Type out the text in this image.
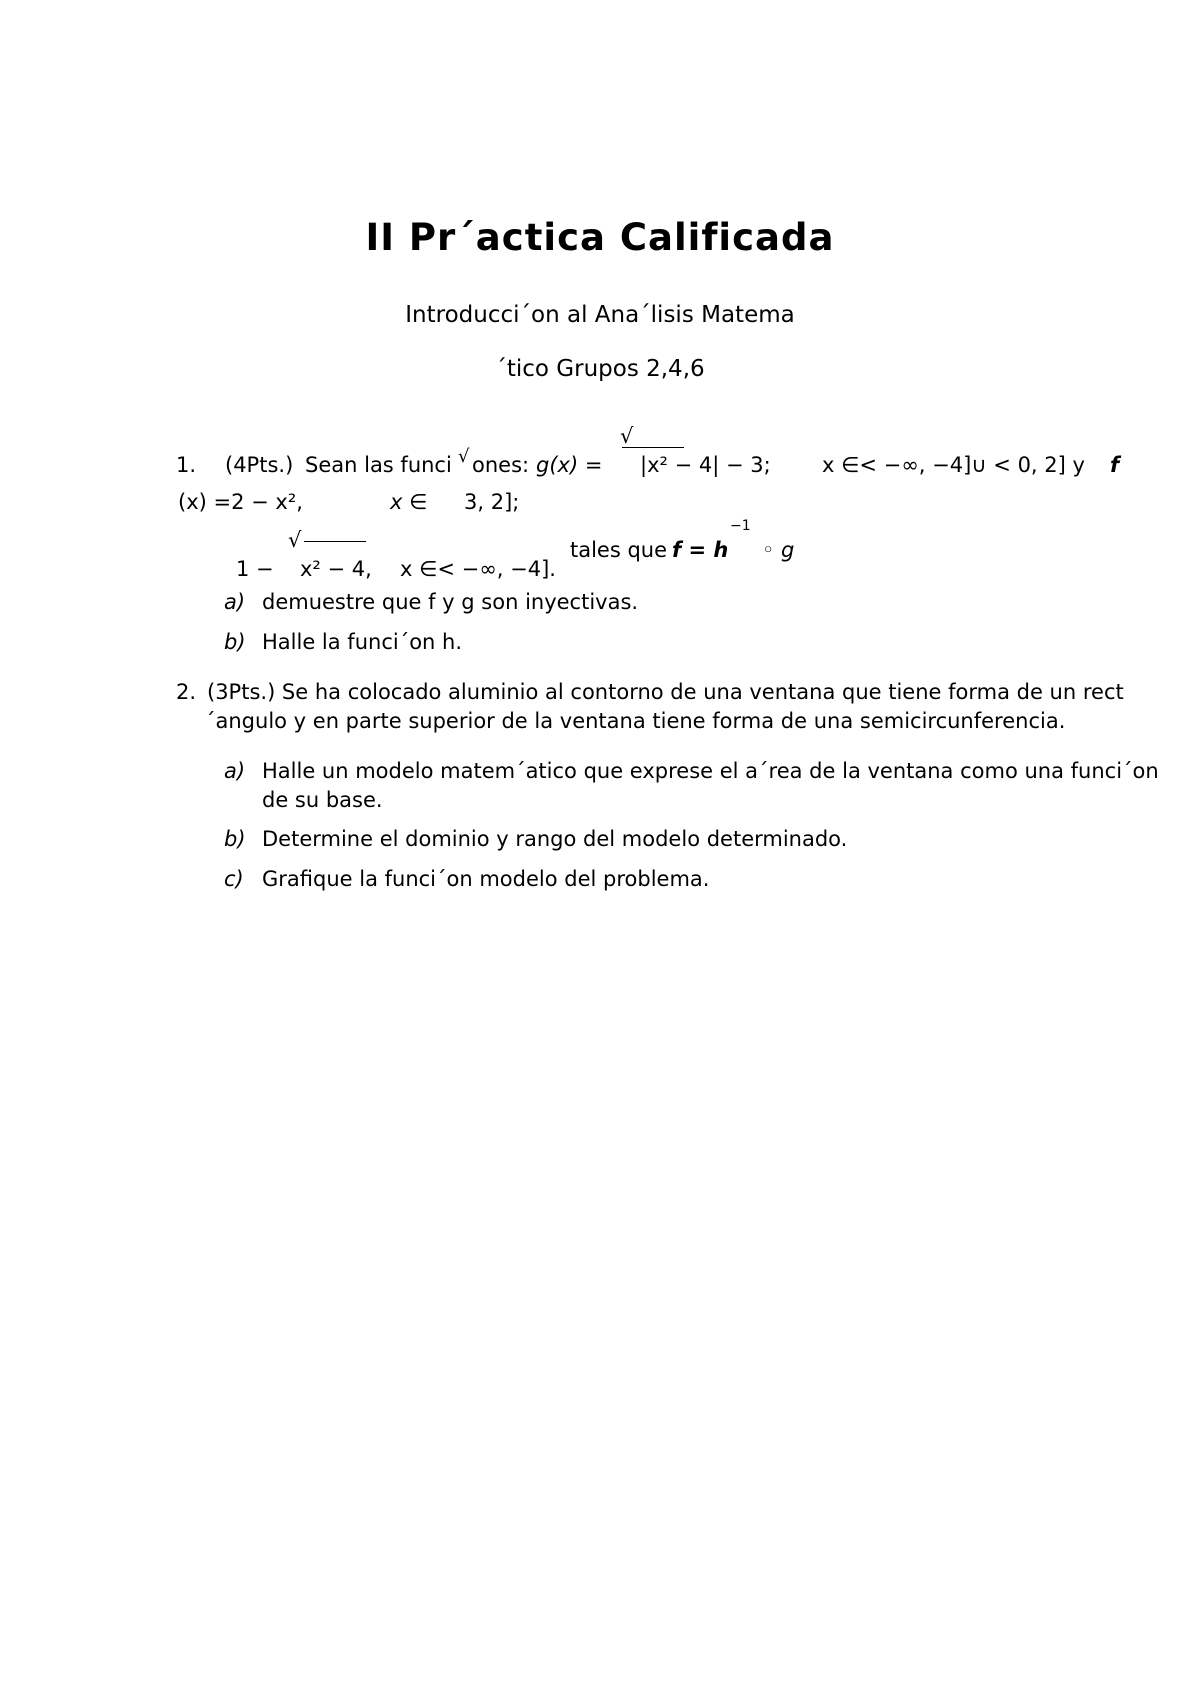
II Pr´actica Calificada
Introducci´on al Ana´lisis Matema
´tico Grupos 2,4,6
1. (4Pts.) Sean las funci √ ones: g(x) =
√
|x² − 4| − 3; x ∈< −∞, −4]∪ < 0, 2] y f
(x) =2 − x²,	x ∈ 3, 2];
√
1 − x² − 4, x ∈< −∞, −4].
tales que f = h
−1
◦ g
a) demuestre que f y g son inyectivas.
b) Halle la funci´on h.
2. (3Pts.) Se ha colocado aluminio al contorno de una ventana que tiene forma de un rect
´angulo y en parte superior de la ventana tiene forma de una semicircunferencia.
a) Halle un modelo matem´atico que exprese el a´rea de la ventana como una funci´on
de su base.
b) Determine el dominio y rango del modelo determinado.
c) Grafique la funci´on modelo del problema.
